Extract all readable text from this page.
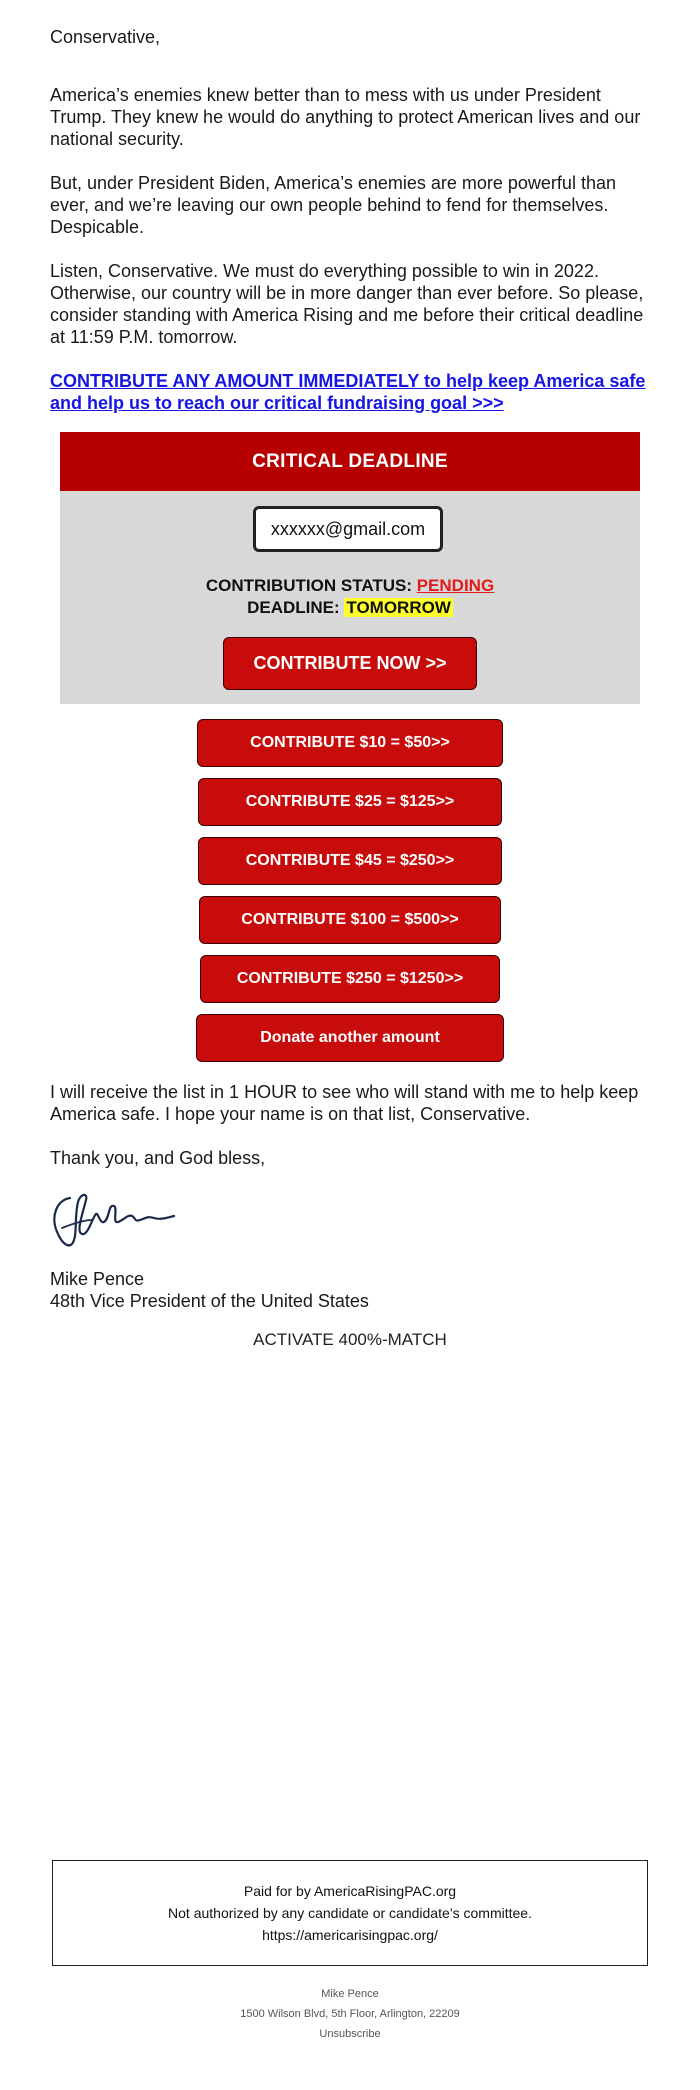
Conservative,

America’s enemies knew better than to mess with us under President Trump. They knew he would do anything to protect American lives and our national security.

But, under President Biden, America’s enemies are more powerful than ever, and we’re leaving our own people behind to fend for themselves. Despicable.

Listen, Conservative. We must do everything possible to win in 2022. Otherwise, our country will be in more danger than ever before. So please, consider standing with America Rising and me before their critical deadline at 11:59 P.M. tomorrow.

CONTRIBUTE ANY AMOUNT IMMEDIATELY to help keep America safe and help us to reach our critical fundraising goal >>>
CRITICAL DEADLINE
xxxxxx@gmail.com
CONTRIBUTION STATUS: PENDING
DEADLINE: TOMORROW
CONTRIBUTE NOW >>
CONTRIBUTE $10 = $50>>
CONTRIBUTE $25 = $125>>
CONTRIBUTE $45 = $250>>
CONTRIBUTE $100 = $500>>
CONTRIBUTE $250 = $1250>>
Donate another amount

I will receive the list in 1 HOUR to see who will stand with me to help keep America safe. I hope your name is on that list, Conservative.

Thank you, and God bless,

Mike Pence
48th Vice President of the United States
ACTIVATE 400%-MATCH
Paid for by AmericaRisingPAC.org
Not authorized by any candidate or candidate’s committee.
https://americarisingpac.org/
Mike Pence
1500 Wilson Blvd, 5th Floor, Arlington, 22209
Unsubscribe
